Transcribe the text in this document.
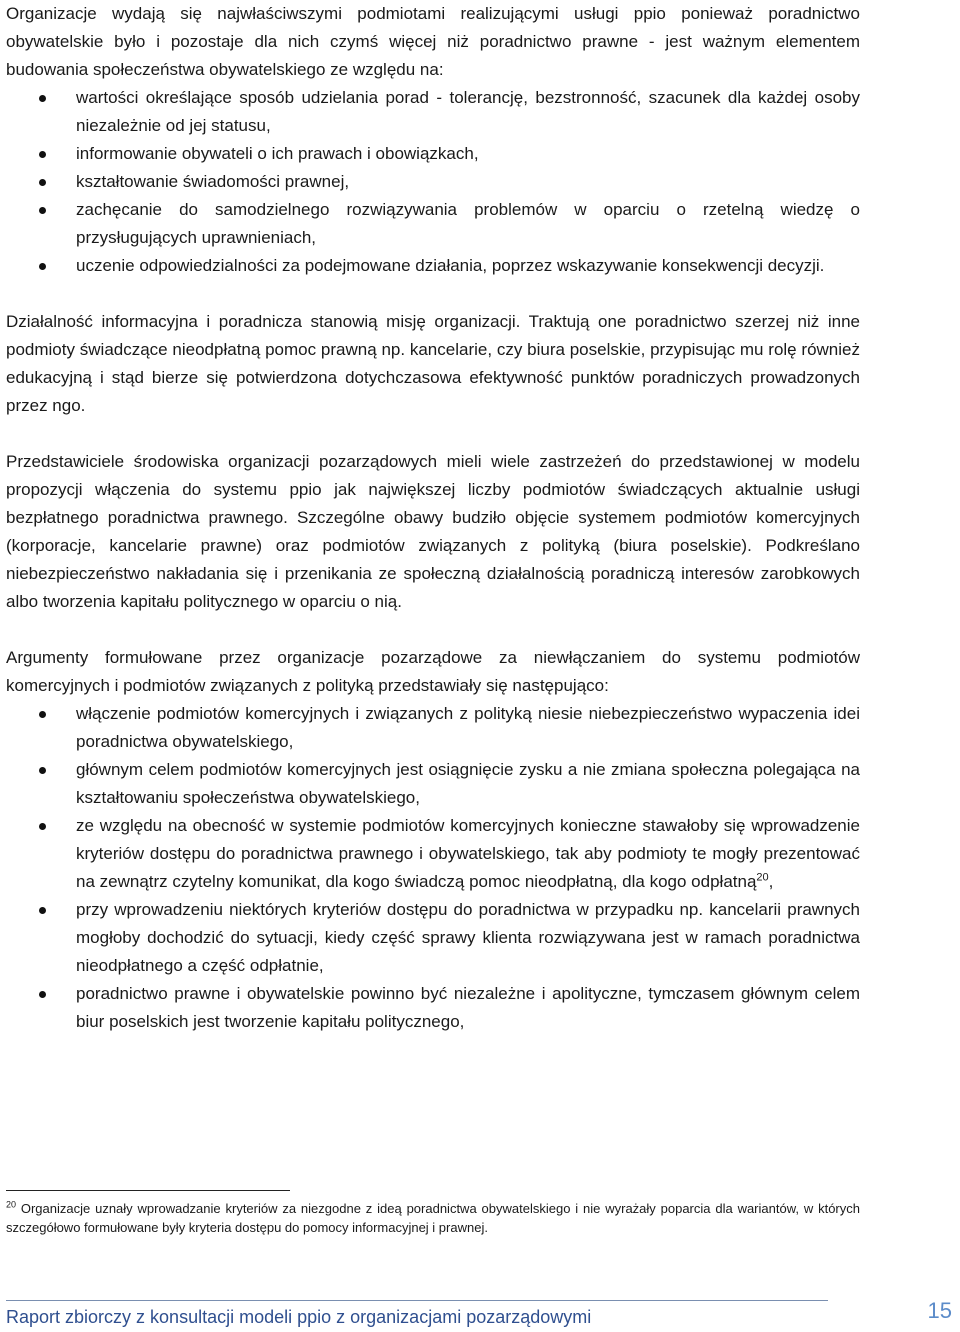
Organizacje wydają się najwłaściwszymi podmiotami realizującymi usługi ppio ponieważ poradnictwo obywatelskie było i pozostaje dla nich czymś więcej niż poradnictwo prawne - jest ważnym elementem budowania społeczeństwa obywatelskiego ze względu na:

wartości określające sposób udzielania porad - tolerancję, bezstronność, szacunek dla każdej osoby niezależnie od jej statusu,
informowanie obywateli o ich prawach i obowiązkach,
kształtowanie świadomości prawnej,
zachęcanie do samodzielnego rozwiązywania problemów w oparciu o rzetelną wiedzę o przysługujących uprawnieniach,
uczenie odpowiedzialności za podejmowane działania, poprzez wskazywanie konsekwencji decyzji.

Działalność informacyjna i poradnicza stanowią misję organizacji. Traktują one poradnictwo szerzej niż inne podmioty świadczące nieodpłatną pomoc prawną np. kancelarie, czy biura poselskie, przypisując mu rolę również edukacyjną i stąd bierze się potwierdzona dotychczasowa efektywność punktów poradniczych prowadzonych przez ngo.

Przedstawiciele środowiska organizacji pozarządowych mieli wiele zastrzeżeń do przedstawionej w modelu propozycji włączenia do systemu ppio jak największej liczby podmiotów świadczących aktualnie usługi bezpłatnego poradnictwa prawnego. Szczególne obawy budziło objęcie systemem podmiotów komercyjnych (korporacje, kancelarie prawne) oraz podmiotów związanych z polityką (biura poselskie). Podkreślano niebezpieczeństwo nakładania się i przenikania ze społeczną działalnością poradniczą interesów zarobkowych albo tworzenia kapitału politycznego w oparciu o nią.

Argumenty formułowane przez organizacje pozarządowe za niewłączaniem do systemu podmiotów komercyjnych i podmiotów związanych z polityką przedstawiały się następująco:

włączenie podmiotów komercyjnych i związanych z polityką niesie niebezpieczeństwo wypaczenia idei poradnictwa obywatelskiego,
głównym celem podmiotów komercyjnych jest osiągnięcie zysku a nie zmiana społeczna polegająca na kształtowaniu społeczeństwa obywatelskiego,
ze względu na obecność w systemie podmiotów komercyjnych konieczne stawałoby się wprowadzenie kryteriów dostępu do poradnictwa prawnego i obywatelskiego, tak aby podmioty te mogły prezentować na zewnątrz czytelny komunikat, dla kogo świadczą pomoc nieodpłatną, dla kogo odpłatną$^{20}$,
przy wprowadzeniu niektórych kryteriów dostępu do poradnictwa w przypadku np. kancelarii prawnych mogłoby dochodzić do sytuacji, kiedy część sprawy klienta rozwiązywana jest w ramach poradnictwa nieodpłatnego a część odpłatnie,
poradnictwo prawne i obywatelskie powinno być niezależne i apolityczne, tymczasem głównym celem biur poselskich jest tworzenie kapitału politycznego,
$^{20}$ Organizacje uznały wprowadzanie kryteriów za niezgodne z ideą poradnictwa obywatelskiego i nie wyrażały poparcia dla wariantów, w których szczegółowo formułowane były kryteria dostępu do pomocy informacyjnej i prawnej.
Raport zbiorczy z konsultacji modeli ppio z organizacjami pozarządowymi	15
